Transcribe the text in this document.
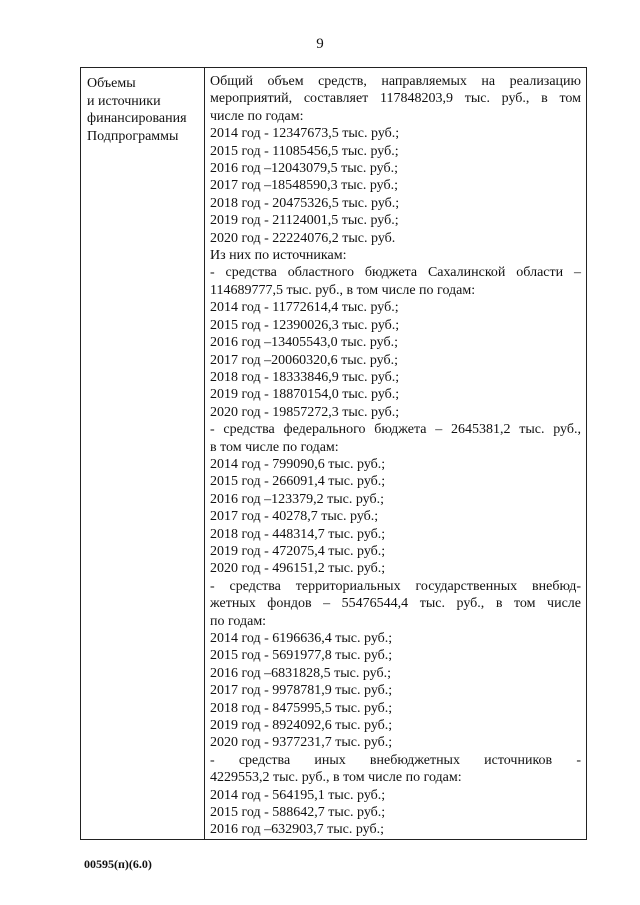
9
Объемы
и источники
финансирования
Подпрограммы
Общий объем средств, направляемых на реализацию
мероприятий, составляет 117848203,9 тыс. руб., в том
числе по годам:
2014 год - 12347673,5 тыс. руб.;
2015 год - 11085456,5 тыс. руб.;
2016 год –12043079,5 тыс. руб.;
2017 год –18548590,3 тыс. руб.;
2018 год - 20475326,5 тыс. руб.;
2019 год - 21124001,5 тыс. руб.;
2020 год - 22224076,2 тыс. руб.
Из них по источникам:
- средства областного бюджета Сахалинской области –
114689777,5 тыс. руб., в том числе по годам:
2014 год - 11772614,4 тыс. руб.;
2015 год - 12390026,3 тыс. руб.;
2016 год –13405543,0 тыс. руб.;
2017 год –20060320,6 тыс. руб.;
2018 год - 18333846,9 тыс. руб.;
2019 год - 18870154,0 тыс. руб.;
2020 год - 19857272,3 тыс. руб.;
- средства федерального бюджета – 2645381,2 тыс. руб.,
в том числе по годам:
2014 год - 799090,6 тыс. руб.;
2015 год - 266091,4 тыс. руб.;
2016 год –123379,2 тыс. руб.;
2017 год - 40278,7 тыс. руб.;
2018 год - 448314,7 тыс. руб.;
2019 год - 472075,4 тыс. руб.;
2020 год - 496151,2 тыс. руб.;
- средства территориальных государственных внебюд-
жетных фондов – 55476544,4 тыс. руб., в том числе
по годам:
2014 год - 6196636,4 тыс. руб.;
2015 год - 5691977,8 тыс. руб.;
2016 год –6831828,5 тыс. руб.;
2017 год - 9978781,9 тыс. руб.;
2018 год - 8475995,5 тыс. руб.;
2019 год - 8924092,6 тыс. руб.;
2020 год - 9377231,7 тыс. руб.;
- средства иных внебюджетных источников -
4229553,2 тыс. руб., в том числе по годам:
2014 год - 564195,1 тыс. руб.;
2015 год - 588642,7 тыс. руб.;
2016 год –632903,7 тыс. руб.;
00595(п)(6.0)
